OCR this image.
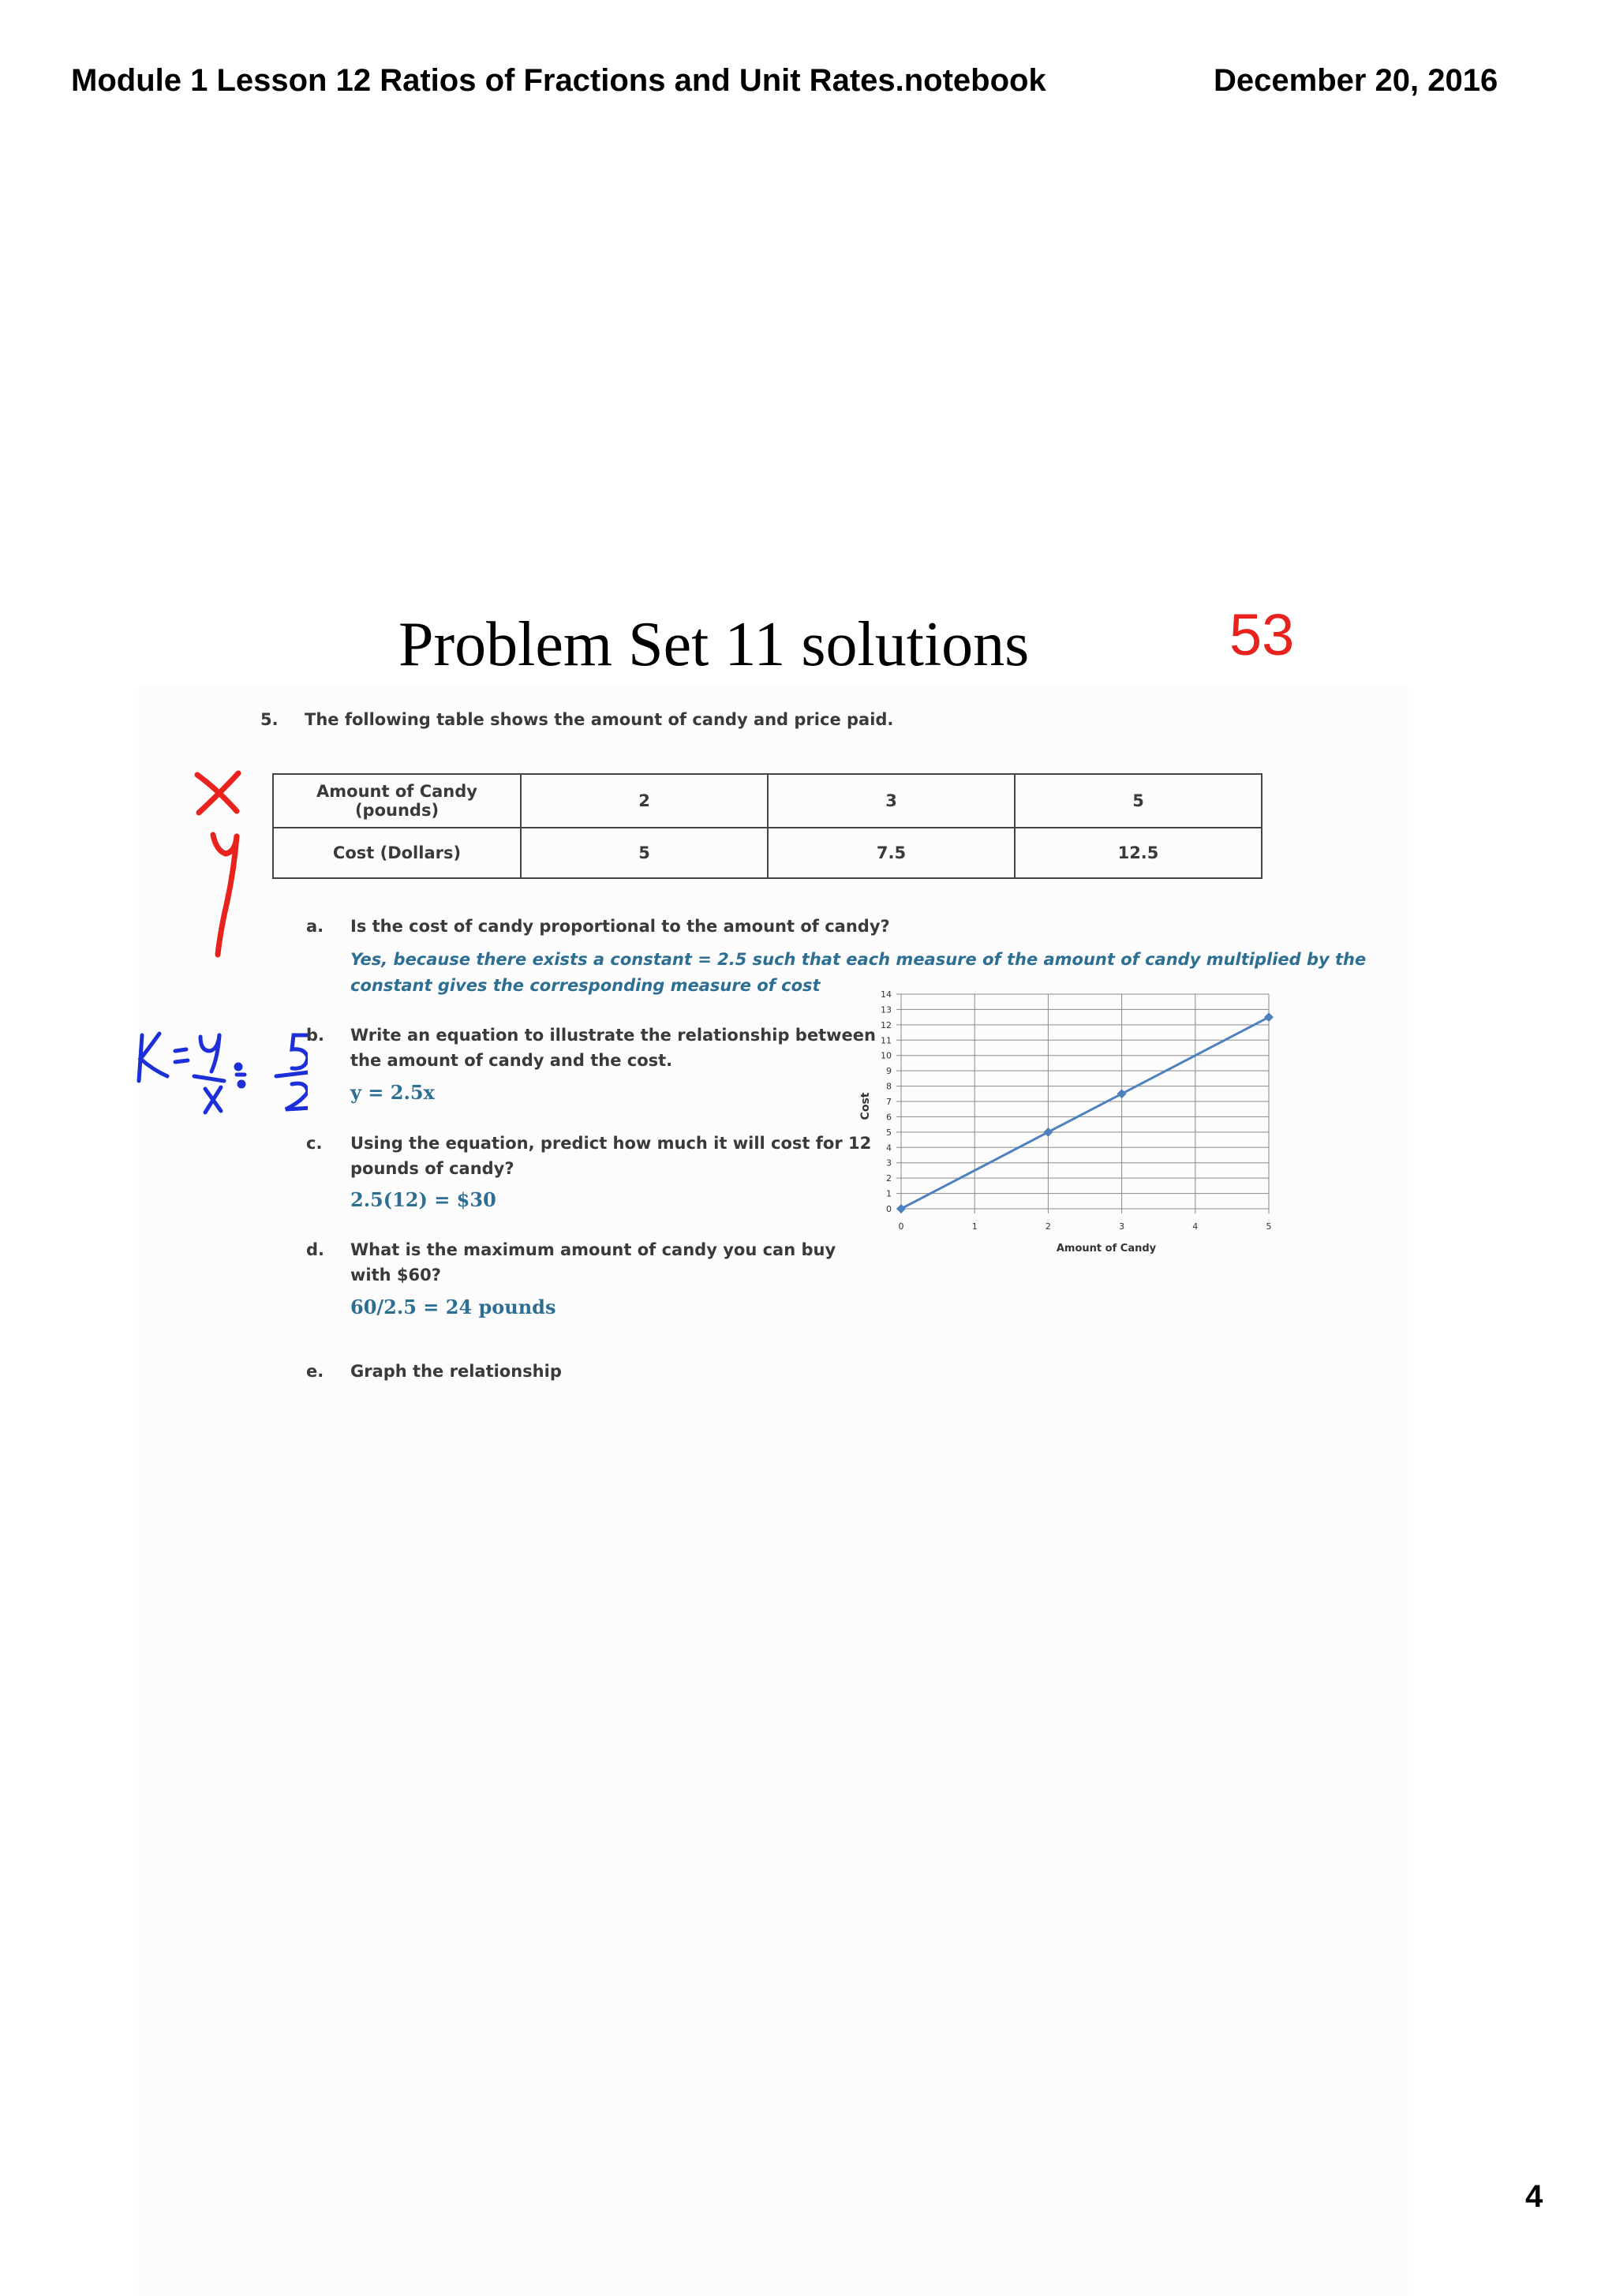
Module 1 Lesson 12 Ratios of Fractions and Unit Rates.notebook	December 20, 2016
Problem Set 11 solutions	53
5. The following table shows the amount of candy and price paid.
Amount of Candy
(pounds)	2	3	5
Cost (Dollars)	5	7.5	12.5
a. Is the cost of candy proportional to the amount of candy?
Yes, because there exists a constant = 2.5 such that each measure of the amount of candy multiplied by the
constant gives the corresponding measure of cost
b. Write an equation to illustrate the relationship between
the amount of candy and the cost.
y = 2.5x
c. Using the equation, predict how much it will cost for 12
pounds of candy?
2.5(12) = $30
d. What is the maximum amount of candy you can buy
with $60?
60/2.5 = 24 pounds
e. Graph the relationship
0
1
2
3
4
5
6
7
8
9
10
11
12
13
14
0	1	2	3	4	5
Cost
Amount of Candy
4
